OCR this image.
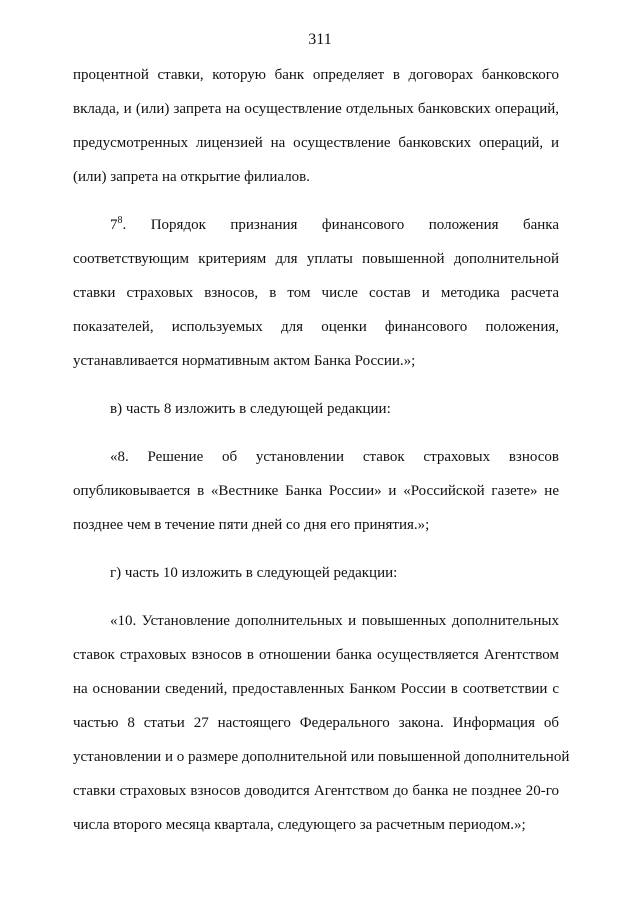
311
процентной ставки, которую банк определяет в договорах банковского
вклада, и (или) запрета на осуществление отдельных банковских операций,
предусмотренных лицензией на осуществление банковских операций, и
(или) запрета на открытие филиалов.
$7^8$. Порядок признания финансового положения банка
соответствующим критериям для уплаты повышенной дополнительной
ставки страховых взносов, в том числе состав и методика расчета
показателей, используемых для оценки финансового положения,
устанавливается нормативным актом Банка России.»;
в) часть 8 изложить в следующей редакции:
«8. Решение об установлении ставок страховых взносов
опубликовывается в «Вестнике Банка России» и «Российской газете» не
позднее чем в течение пяти дней со дня его принятия.»;
г) часть 10 изложить в следующей редакции:
«10. Установление дополнительных и повышенных дополнительных
ставок страховых взносов в отношении банка осуществляется Агентством
на основании сведений, предоставленных Банком России в соответствии с
частью 8 статьи 27 настоящего Федерального закона. Информация об
установлении и о размере дополнительной или повышенной дополнительной
ставки страховых взносов доводится Агентством до банка не позднее 20-го
числа второго месяца квартала, следующего за расчетным периодом.»;
